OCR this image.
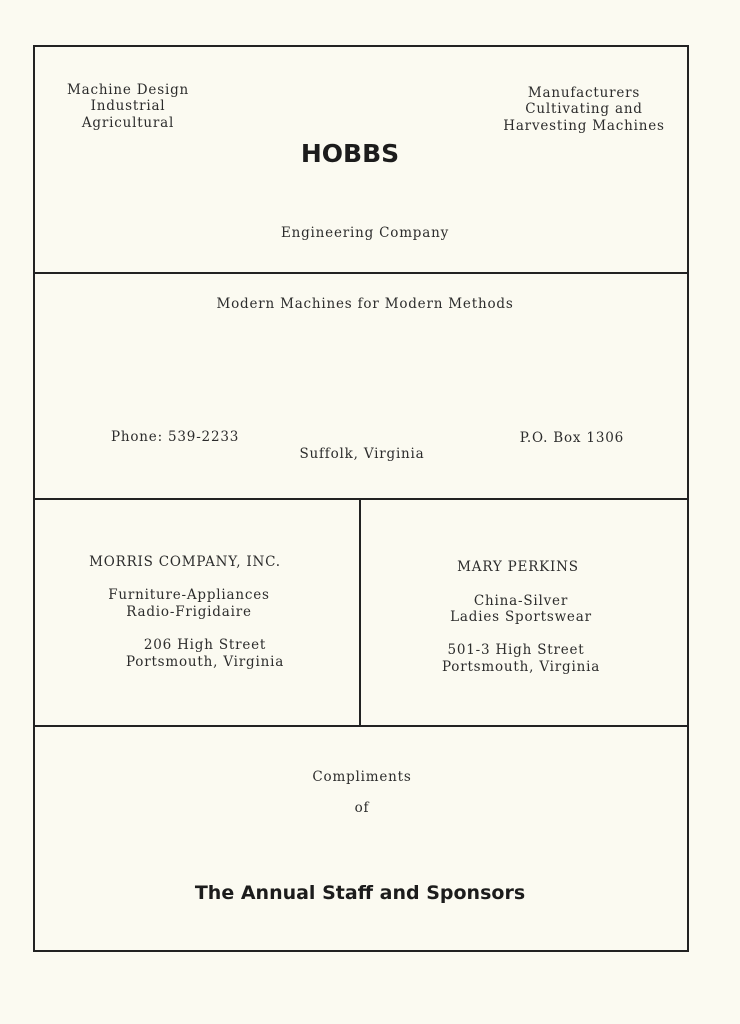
Machine Design
Industrial
Agricultural
Manufacturers
Cultivating and
Harvesting Machines
HOBBS
Engineering Company
Modern Machines for Modern Methods
Phone: 539-2233	P.O. Box 1306
Suffolk, Virginia
MORRIS COMPANY, INC.
Furniture-Appliances
Radio-Frigidaire
206 High Street
Portsmouth, Virginia
MARY PERKINS
China-Silver
Ladies Sportswear
501-3 High Street
Portsmouth, Virginia
Compliments
of
The Annual Staff and Sponsors
